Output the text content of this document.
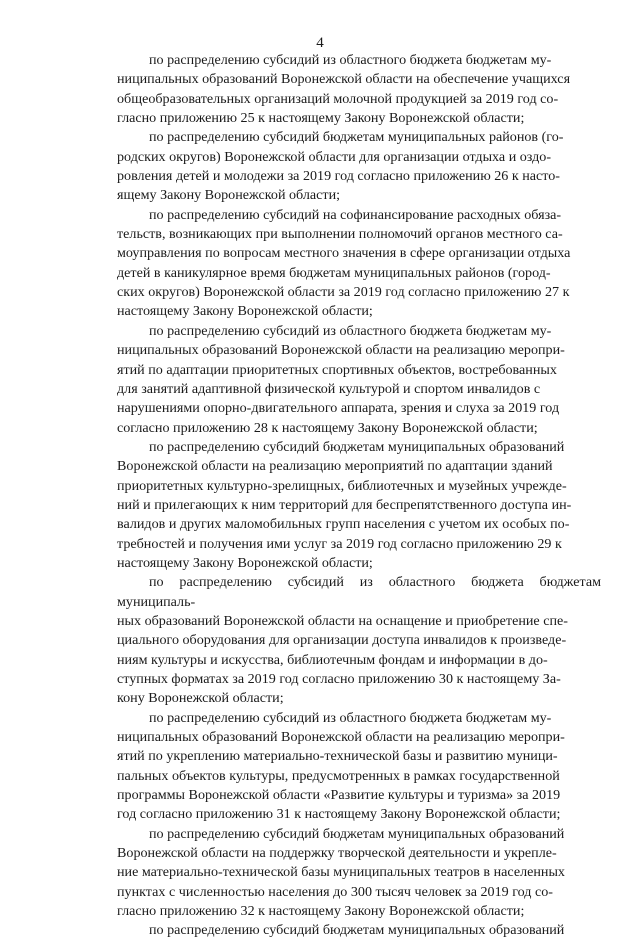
4

по распределению субсидий из областного бюджета бюджетам му-
ниципальных образований Воронежской области на обеспечение учащихся
общеобразовательных организаций молочной продукцией за 2019 год со-
гласно приложению 25 к настоящему Закону Воронежской области;

по распределению субсидий бюджетам муниципальных районов (го-
родских округов) Воронежской области для организации отдыха и оздо-
ровления детей и молодежи за 2019 год согласно приложению 26 к насто-
ящему Закону Воронежской области;

по распределению субсидий на софинансирование расходных обяза-
тельств, возникающих при выполнении полномочий органов местного са-
моуправления по вопросам местного значения в сфере организации отдыха
детей в каникулярное время бюджетам муниципальных районов (город-
ских округов) Воронежской области за 2019 год согласно приложению 27 к
настоящему Закону Воронежской области;

по распределению субсидий из областного бюджета бюджетам му-
ниципальных образований Воронежской области на реализацию меропри-
ятий по адаптации приоритетных спортивных объектов, востребованных
для занятий адаптивной физической культурой и спортом инвалидов с
нарушениями опорно-двигательного аппарата, зрения и слуха за 2019 год
согласно приложению 28 к настоящему Закону Воронежской области;

по распределению субсидий бюджетам муниципальных образований
Воронежской области на реализацию мероприятий по адаптации зданий
приоритетных культурно-зрелищных, библиотечных и музейных учрежде-
ний и прилегающих к ним территорий для беспрепятственного доступа ин-
валидов и других маломобильных групп населения с учетом их особых по-
требностей и получения ими услуг за 2019 год согласно приложению 29 к
настоящему Закону Воронежской области;

по распределению субсидий из областного бюджета бюджетам муниципаль-
ных образований Воронежской области на оснащение и приобретение спе-
циального оборудования для организации доступа инвалидов к произведе-
ниям культуры и искусства, библиотечным фондам и информации в до-
ступных форматах за 2019 год согласно приложению 30 к настоящему За-
кону Воронежской области;

по распределению субсидий из областного бюджета бюджетам му-
ниципальных образований Воронежской области на реализацию меропри-
ятий по укреплению материально-технической базы и развитию муници-
пальных объектов культуры, предусмотренных в рамках государственной
программы Воронежской области «Развитие культуры и туризма» за 2019
год согласно приложению 31 к настоящему Закону Воронежской области;

по распределению субсидий бюджетам муниципальных образований
Воронежской области на поддержку творческой деятельности и укрепле-
ние материально-технической базы муниципальных театров в населенных
пунктах с численностью населения до 300 тысяч человек за 2019 год со-
гласно приложению 32 к настоящему Закону Воронежской области;

по распределению субсидий бюджетам муниципальных образований
